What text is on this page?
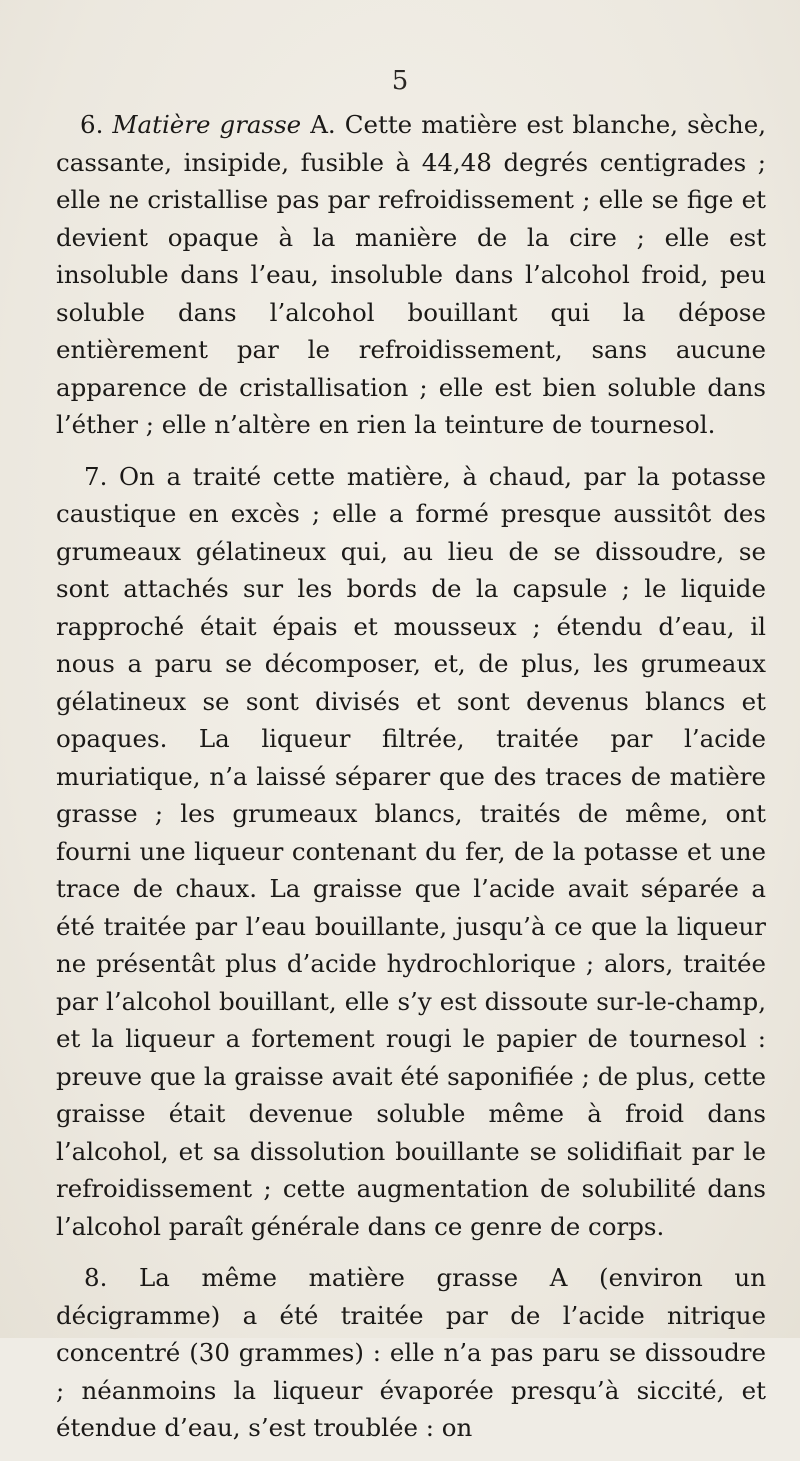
5

6. Matière grasse A. Cette matière est blanche, sèche, cassante, insipide, fusible à 44,48 degrés centigrades ; elle ne cristallise pas par refroidissement ; elle se fige et devient opaque à la manière de la cire ; elle est insoluble dans l’eau, insoluble dans l’alcohol froid, peu soluble dans l’alcohol bouillant qui la dépose entièrement par le refroidissement, sans aucune apparence de cristallisation ; elle est bien soluble dans l’éther ; elle n’altère en rien la teinture de tournesol.

7. On a traité cette matière, à chaud, par la potasse caustique en excès ; elle a formé presque aussitôt des grumeaux gélatineux qui, au lieu de se dissoudre, se sont attachés sur les bords de la capsule ; le liquide rapproché était épais et mousseux ; étendu d’eau, il nous a paru se décomposer, et, de plus, les grumeaux gélatineux se sont divisés et sont devenus blancs et opaques. La liqueur filtrée, traitée par l’acide muriatique, n’a laissé séparer que des traces de matière grasse ; les grumeaux blancs, traités de même, ont fourni une liqueur contenant du fer, de la potasse et une trace de chaux. La graisse que l’acide avait séparée a été traitée par l’eau bouillante, jusqu’à ce que la liqueur ne présentât plus d’acide hydrochlorique ; alors, traitée par l’alcohol bouillant, elle s’y est dissoute sur-le-champ, et la liqueur a fortement rougi le papier de tournesol : preuve que la graisse avait été saponifiée ; de plus, cette graisse était devenue soluble même à froid dans l’alcohol, et sa dissolution bouillante se solidifiait par le refroidissement ; cette augmentation de solubilité dans l’alcohol paraît générale dans ce genre de corps.

8. La même matière grasse A (environ un décigramme) a été traitée par de l’acide nitrique concentré (30 grammes) : elle n’a pas paru se dissoudre ; néanmoins la liqueur évaporée presqu’à siccité, et étendue d’eau, s’est troublée : on
